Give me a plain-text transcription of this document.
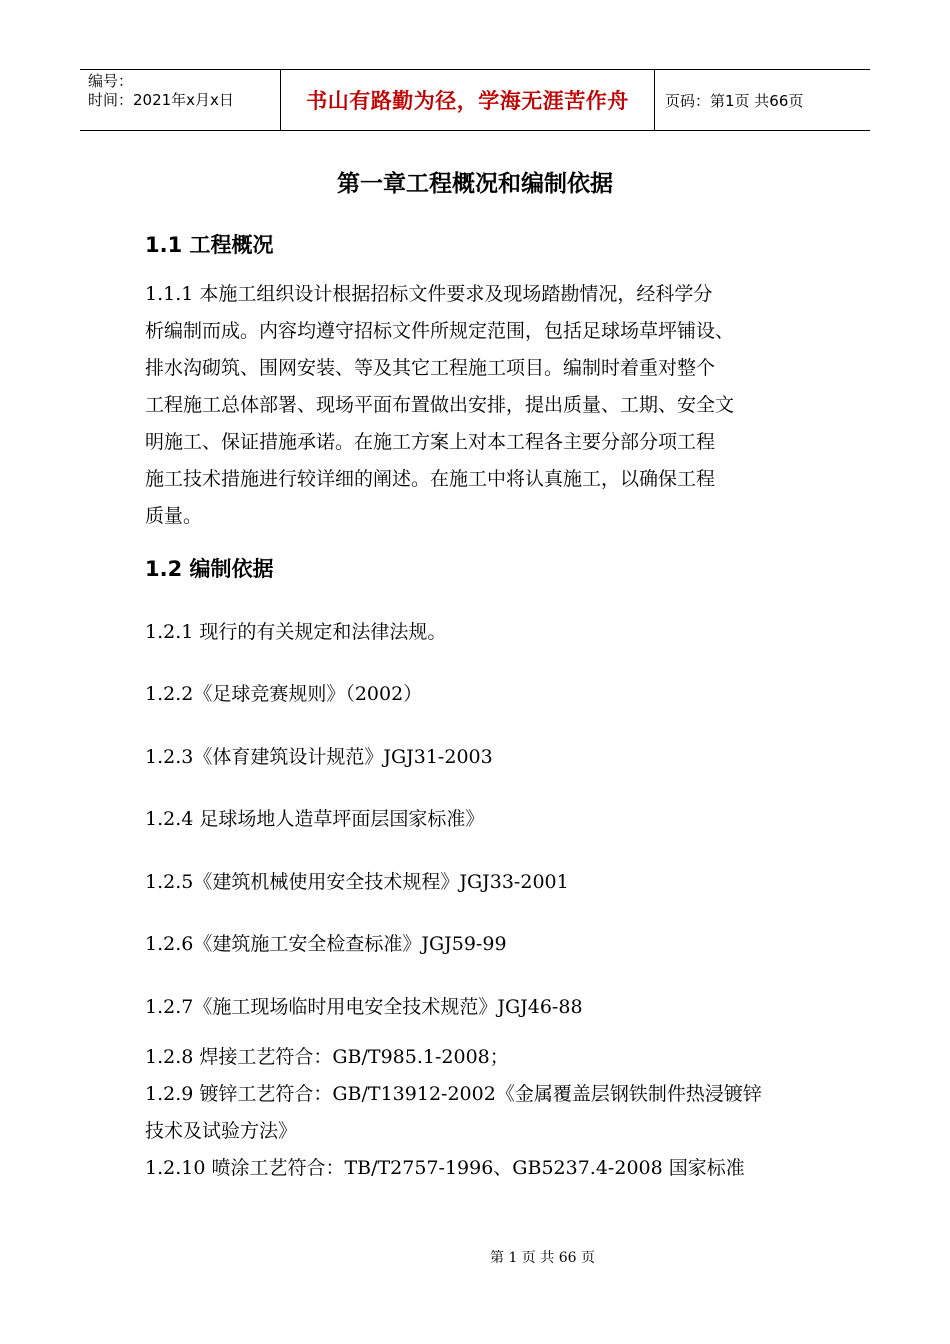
编号：
时间：2021年x月x日	书山有路勤为径，学海无涯苦作舟 页码：第1页 共66页
第一章工程概况和编制依据
1.1 工程概况
1.1.1 本施工组织设计根据招标文件要求及现场踏勘情况，经科学分
析编制而成。内容均遵守招标文件所规定范围，包括足球场草坪铺设、
排水沟砌筑、围网安装、等及其它工程施工项目。编制时着重对整个
工程施工总体部署、现场平面布置做出安排，提出质量、工期、安全文
明施工、保证措施承诺。在施工方案上对本工程各主要分部分项工程
施工技术措施进行较详细的阐述。在施工中将认真施工，以确保工程
质量。
1.2 编制依据
1.2.1 现行的有关规定和法律法规。
1.2.2《足球竞赛规则》（2002）
1.2.3《体育建筑设计规范》JGJ31-2003
1.2.4 足球场地人造草坪面层国家标准》
1.2.5《建筑机械使用安全技术规程》JGJ33-2001
1.2.6《建筑施工安全检查标准》JGJ59-99
1.2.7《施工现场临时用电安全技术规范》JGJ46-88
1.2.8 焊接工艺符合：GB/T985.1-2008；
1.2.9 镀锌工艺符合：GB/T13912-2002《金属覆盖层钢铁制件热浸镀锌
技术及试验方法》
1.2.10 喷涂工艺符合：TB/T2757-1996、GB5237.4-2008 国家标准
第 1 页 共 66 页
